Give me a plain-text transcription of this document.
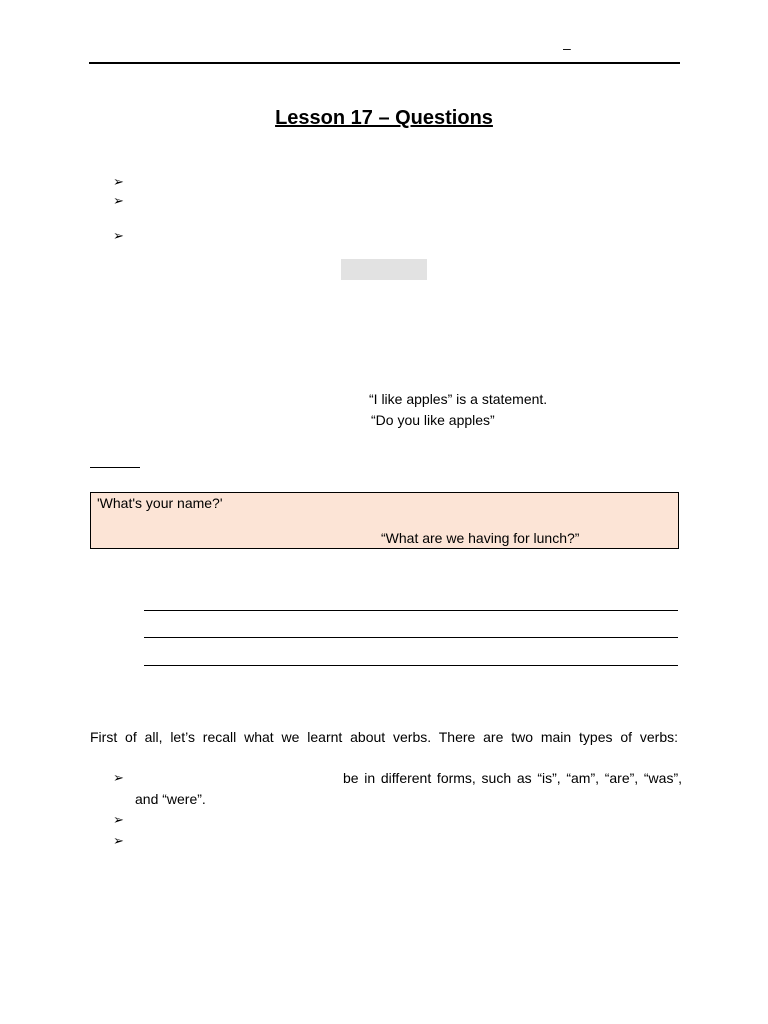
–
Lesson 17 – Questions
➢
➢
➢
“I like apples” is a statement.
“Do you like apples”
'What's your name?'
“What are we having for lunch?”
First of all, let’s recall what we learnt about verbs. There are two main types of verbs:
➢	be in different forms, such as “is”, “am”, “are”, “was”,
and “were”.
➢
➢
